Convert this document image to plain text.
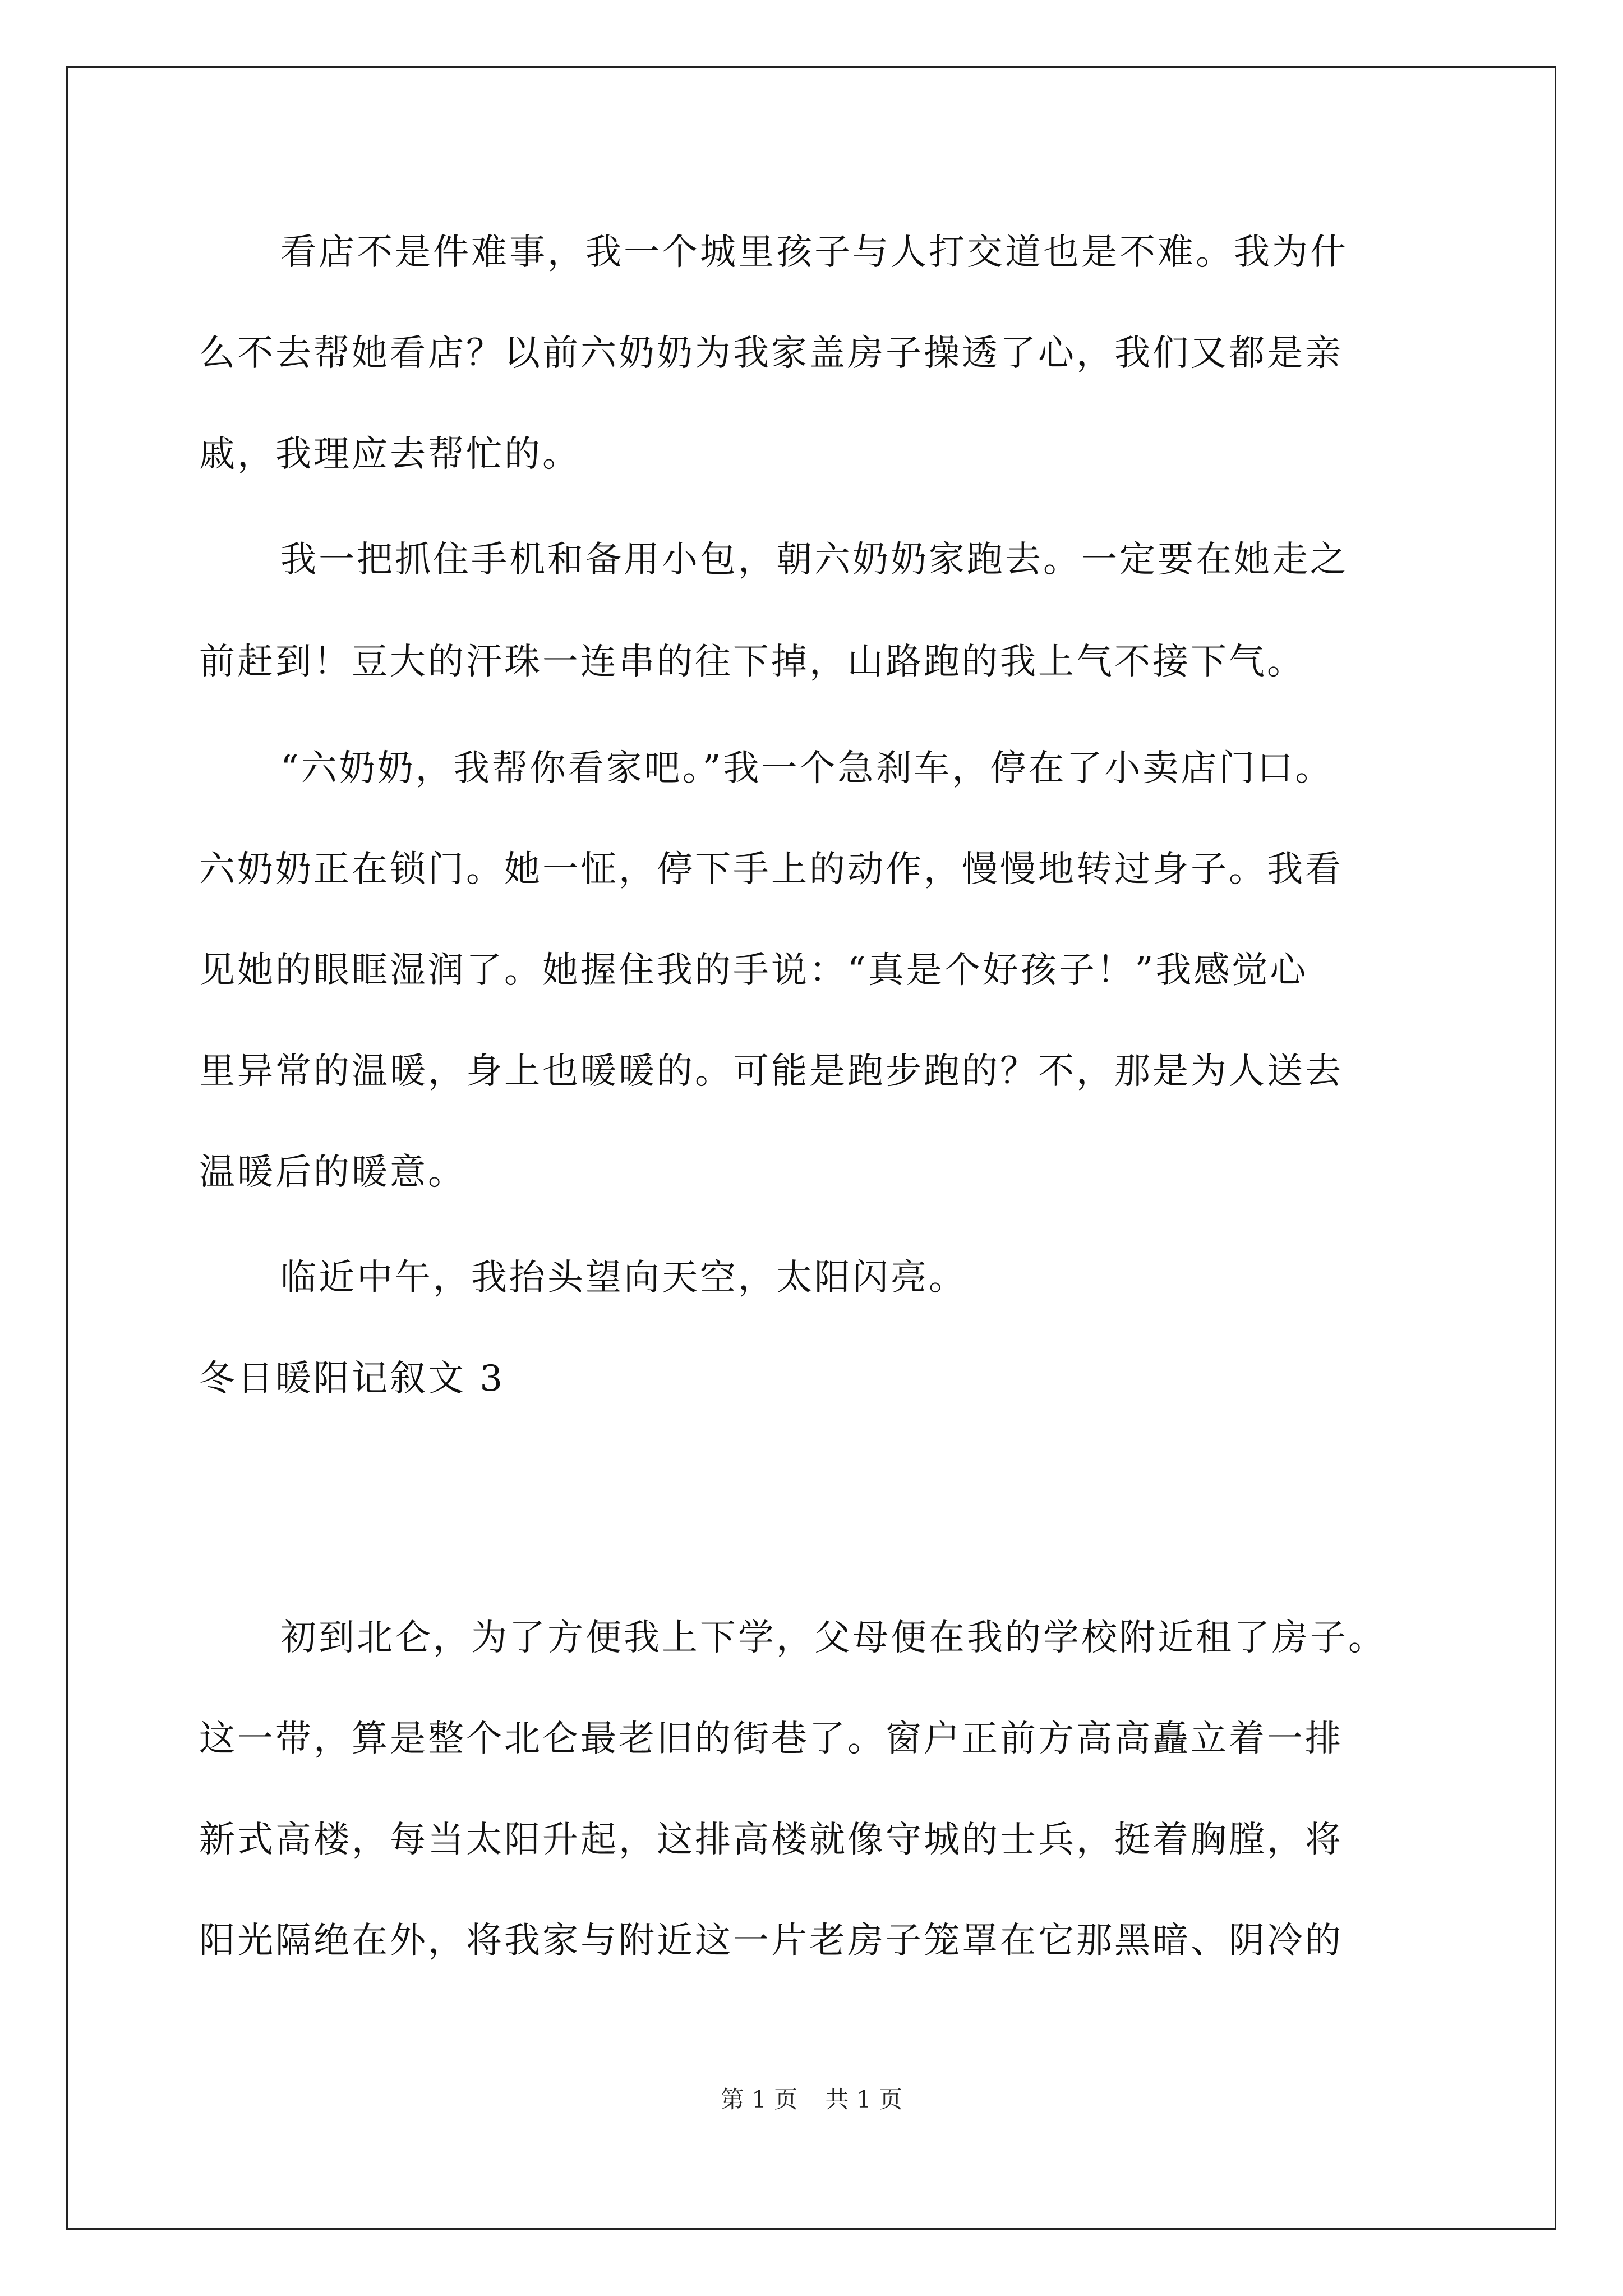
看店不是件难事，我一个城里孩子与人打交道也是不难。我为什
么不去帮她看店？以前六奶奶为我家盖房子操透了心，我们又都是亲
戚，我理应去帮忙的。
我一把抓住手机和备用小包，朝六奶奶家跑去。一定要在她走之
前赶到！豆大的汗珠一连串的往下掉，山路跑的我上气不接下气。
“六奶奶，我帮你看家吧。”我一个急刹车，停在了小卖店门口。
六奶奶正在锁门。她一怔，停下手上的动作，慢慢地转过身子。我看
见她的眼眶湿润了。她握住我的手说：“真是个好孩子！”我感觉心
里异常的温暖，身上也暖暖的。可能是跑步跑的？不，那是为人送去
温暖后的暖意。
临近中午，我抬头望向天空，太阳闪亮。
冬日暖阳记叙文 3
初到北仑，为了方便我上下学，父母便在我的学校附近租了房子。
这一带，算是整个北仑最老旧的街巷了。窗户正前方高高矗立着一排
新式高楼，每当太阳升起，这排高楼就像守城的士兵，挺着胸膛，将
阳光隔绝在外，将我家与附近这一片老房子笼罩在它那黑暗、阴冷的
第 1 页 共 1 页
